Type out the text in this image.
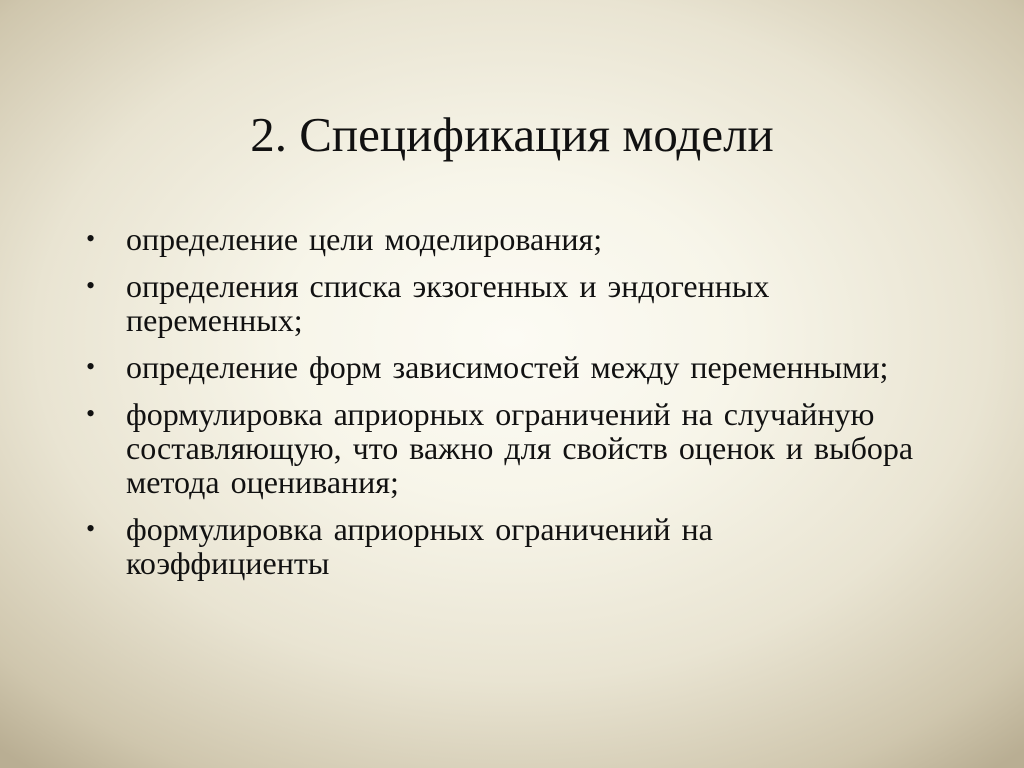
2. Спецификация модели
• определение цели моделирования;
• определения списка экзогенных и эндогенных переменных;
• определение форм зависимостей между переменными;
• формулировка априорных ограничений на случайную составляющую, что важно для свойств оценок и выбора метода оценивания;
• формулировка априорных ограничений на коэффициенты
